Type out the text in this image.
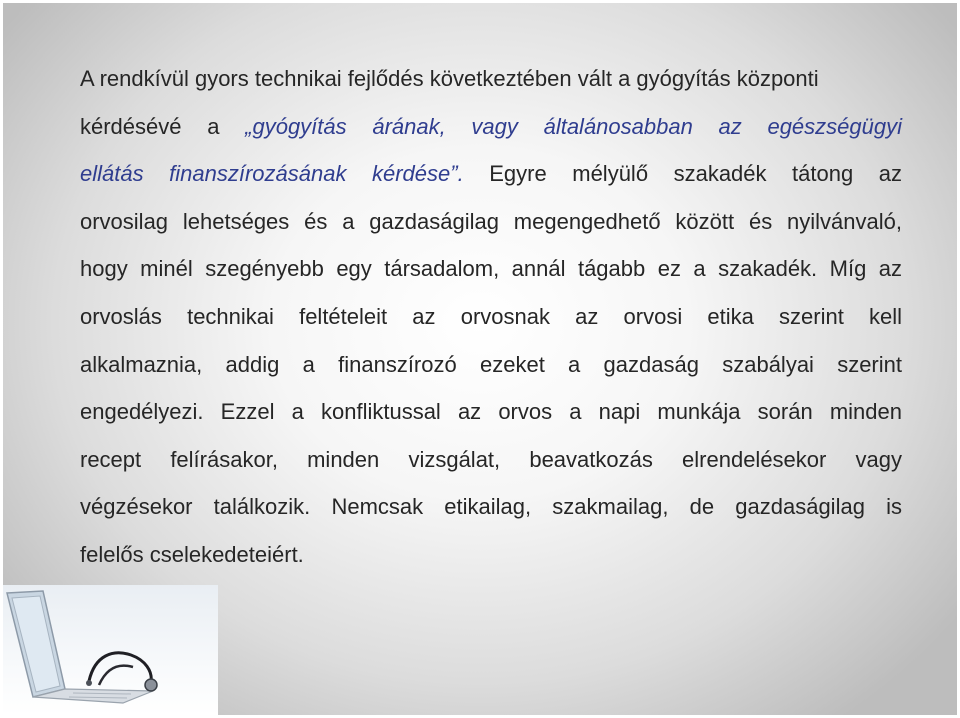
A rendkívül gyors technikai fejlődés következtében vált a gyógyítás központi
kérdésévé a „gyógyítás árának, vagy általánosabban az egészségügyi
ellátás finanszírozásának kérdése”. Egyre mélyülő szakadék tátong az
orvosilag lehetséges és a gazdaságilag megengedhető között és nyilvánvaló,
hogy minél szegényebb egy társadalom, annál tágabb ez a szakadék. Míg az
orvoslás technikai feltételeit az orvosnak az orvosi etika szerint kell
alkalmaznia, addig a finanszírozó ezeket a gazdaság szabályai szerint
engedélyezi. Ezzel a konfliktussal az orvos a napi munkája során minden
recept felírásakor, minden vizsgálat, beavatkozás elrendelésekor vagy
végzésekor találkozik. Nemcsak etikailag, szakmailag, de gazdaságilag is
felelős cselekedeteiért.
